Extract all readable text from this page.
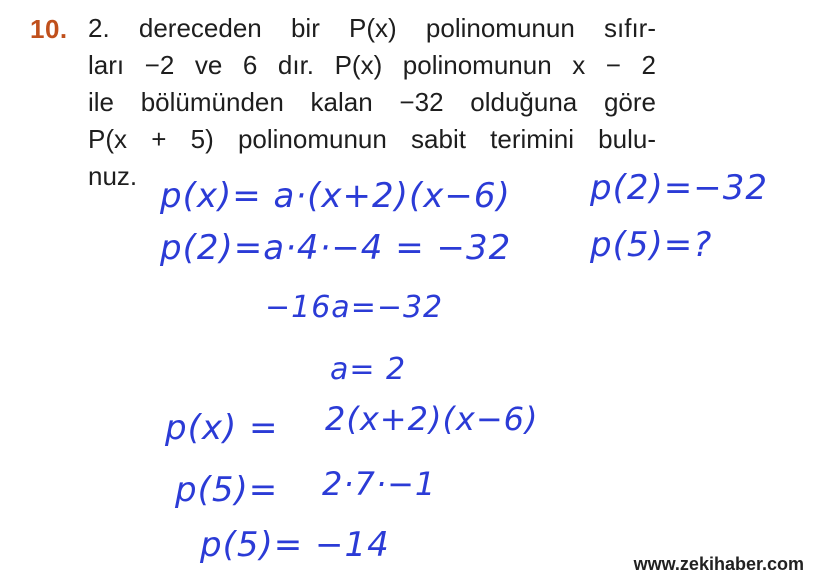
10. 2. dereceden bir P(x) polinomunun sıfır-
ları −2 ve 6 dır. P(x) polinomunun x − 2
ile bölümünden kalan −32 olduğuna göre
P(x + 5) polinomunun sabit terimini bulu-
nuz. p(x)= a·(x+2)(x−6) p(2)=−32
p(2)=a·4·−4 = −32 p(5)=?
−16a=−32
a= 2
p(x) = 2(x+2)(x−6)
p(5)= 2·7·−1
p(5)= −14	www.zekihaber.com
